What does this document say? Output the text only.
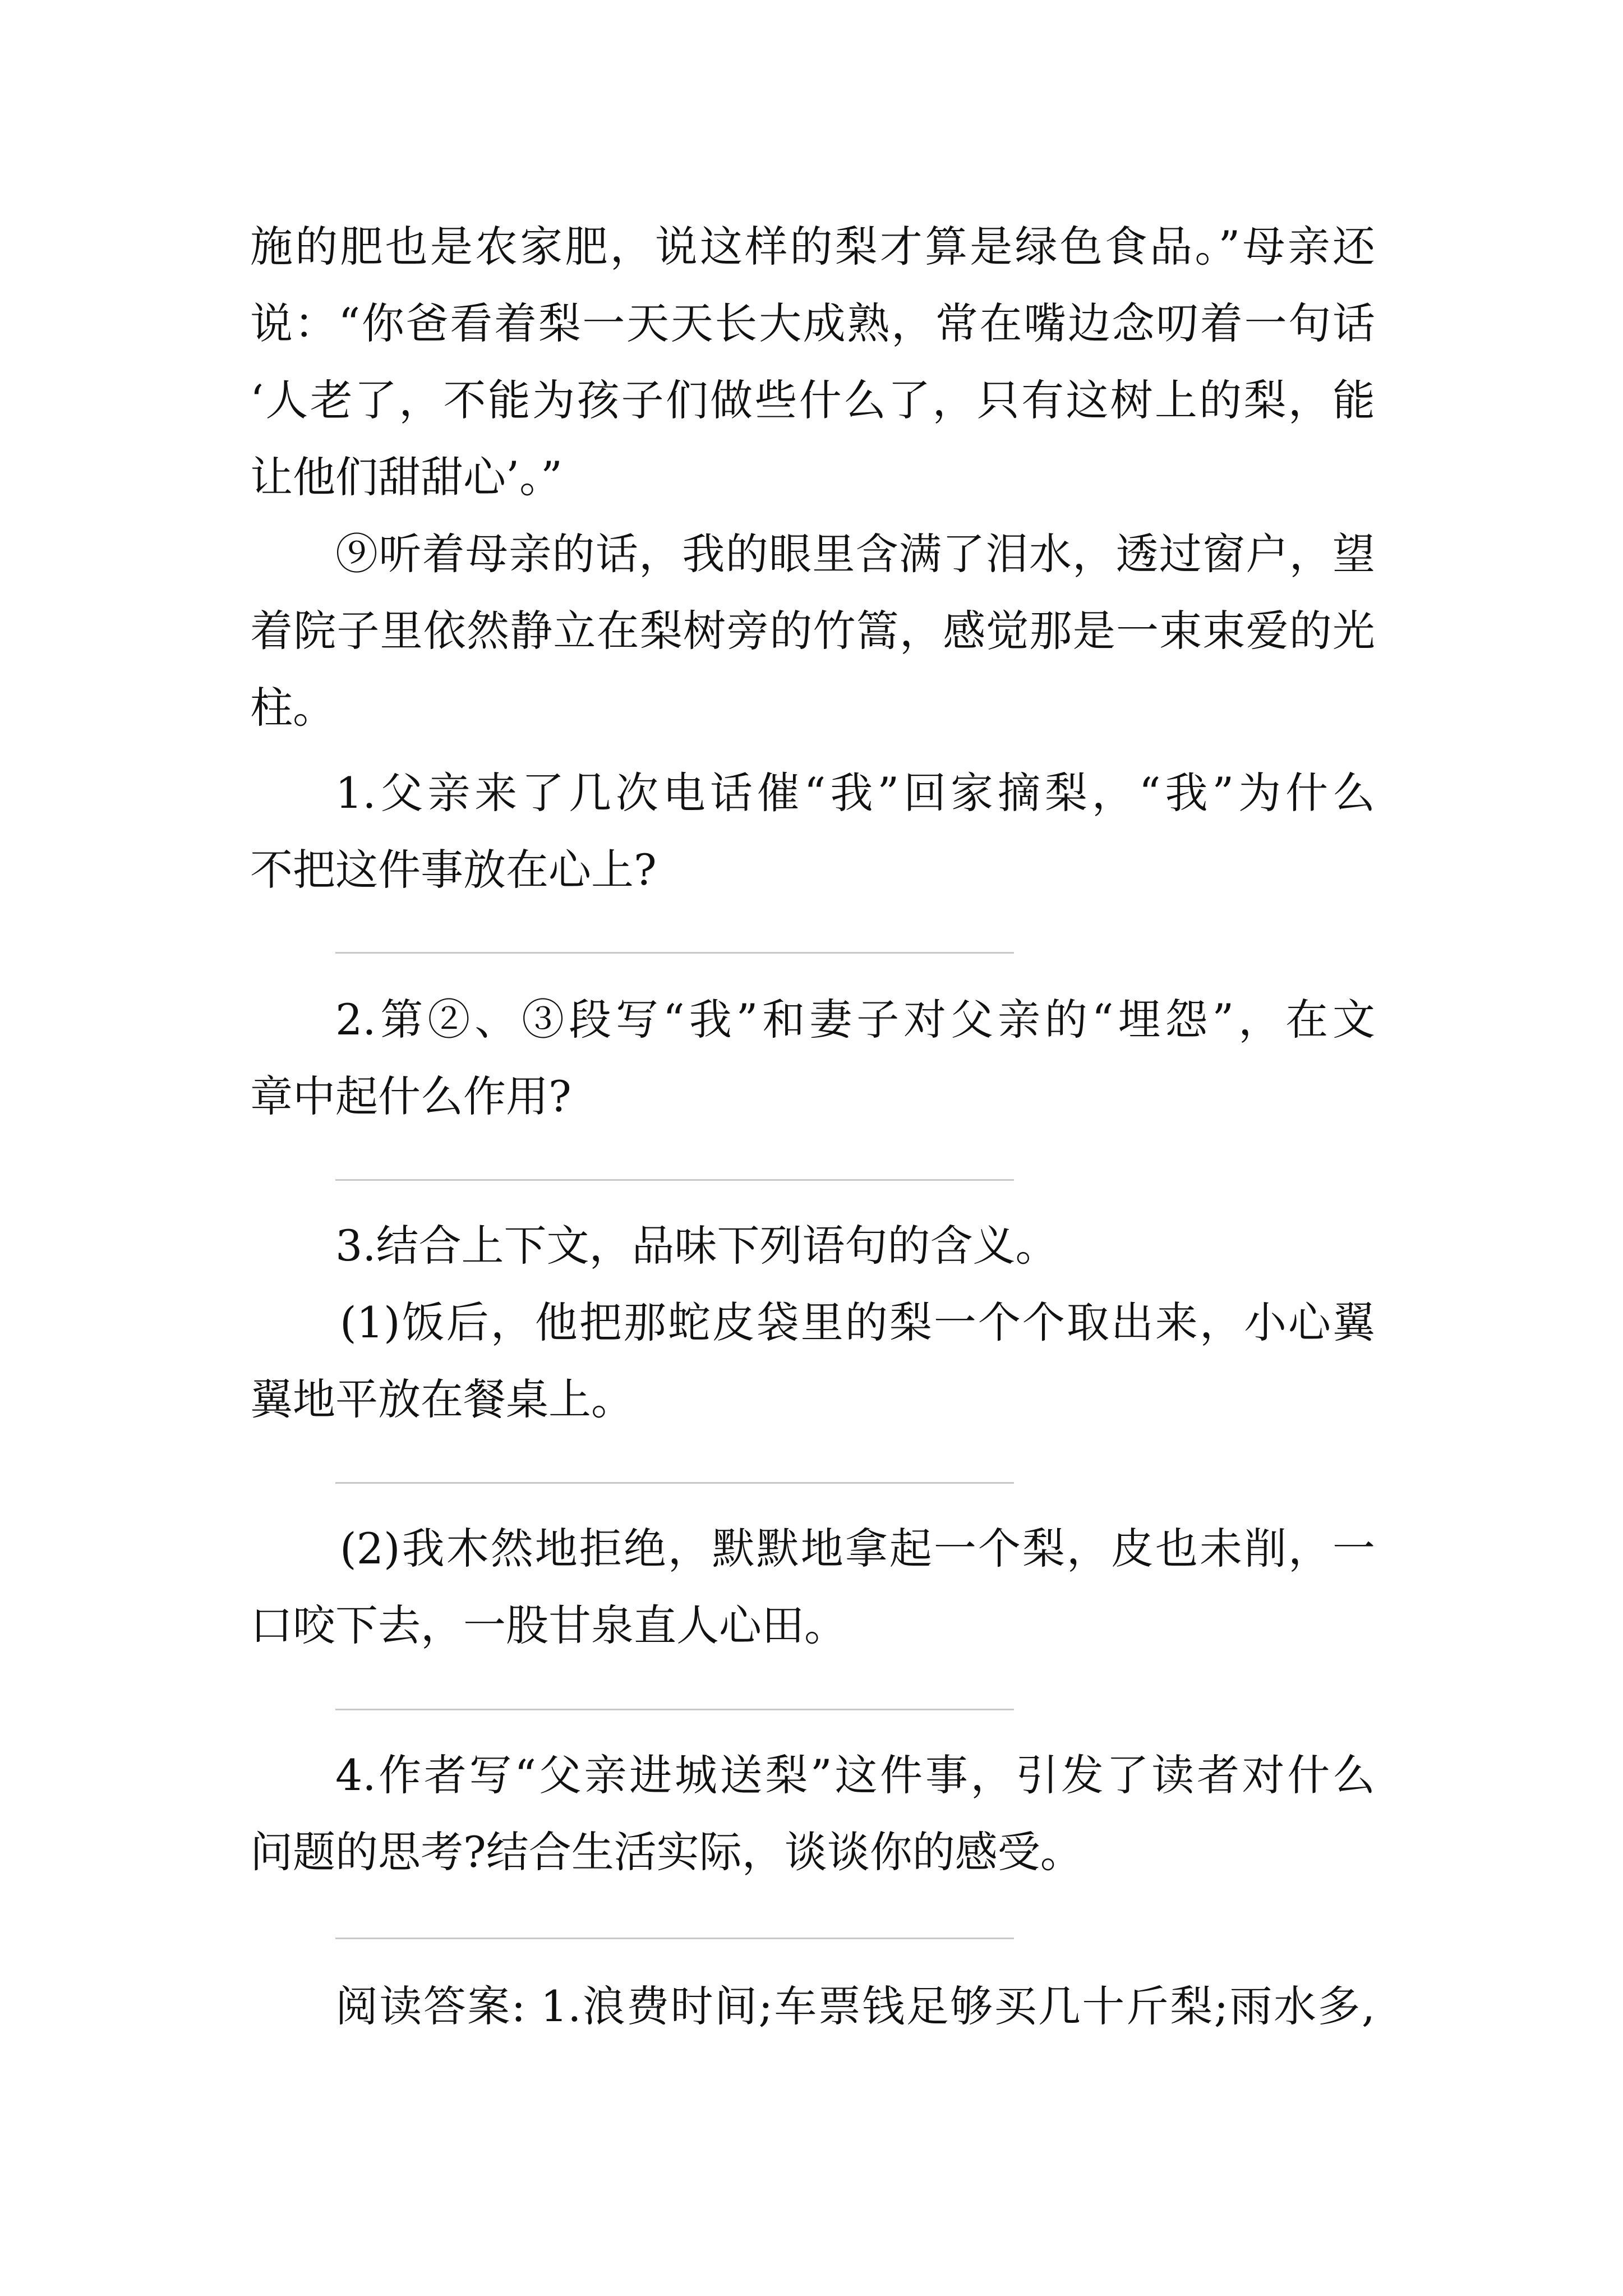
施的肥也是农家肥，说这样的梨才算是绿色食品。”母亲还

说：“你爸看着梨一天天长大成熟，常在嘴边念叨着一句话

‘人老了，不能为孩子们做些什么了，只有这树上的梨，能

让他们甜甜心’。”

⑨听着母亲的话，我的眼里含满了泪水，透过窗户，望

着院子里依然静立在梨树旁的竹篙，感觉那是一束束爱的光

柱。

1.父亲来了几次电话催“我”回家摘梨，“我”为什么

不把这件事放在心上?

2.第②、③段写“我”和妻子对父亲的“埋怨”，在文

章中起什么作用?

3.结合上下文，品味下列语句的含义。

(1)饭后，他把那蛇皮袋里的梨一个个取出来，小心翼

翼地平放在餐桌上。

(2)我木然地拒绝，默默地拿起一个梨，皮也未削，一

口咬下去，一股甘泉直人心田。

4.作者写“父亲进城送梨”这件事，引发了读者对什么

问题的思考?结合生活实际，谈谈你的感受。

阅读答案: 1.浪费时间;车票钱足够买几十斤梨;雨水多,
